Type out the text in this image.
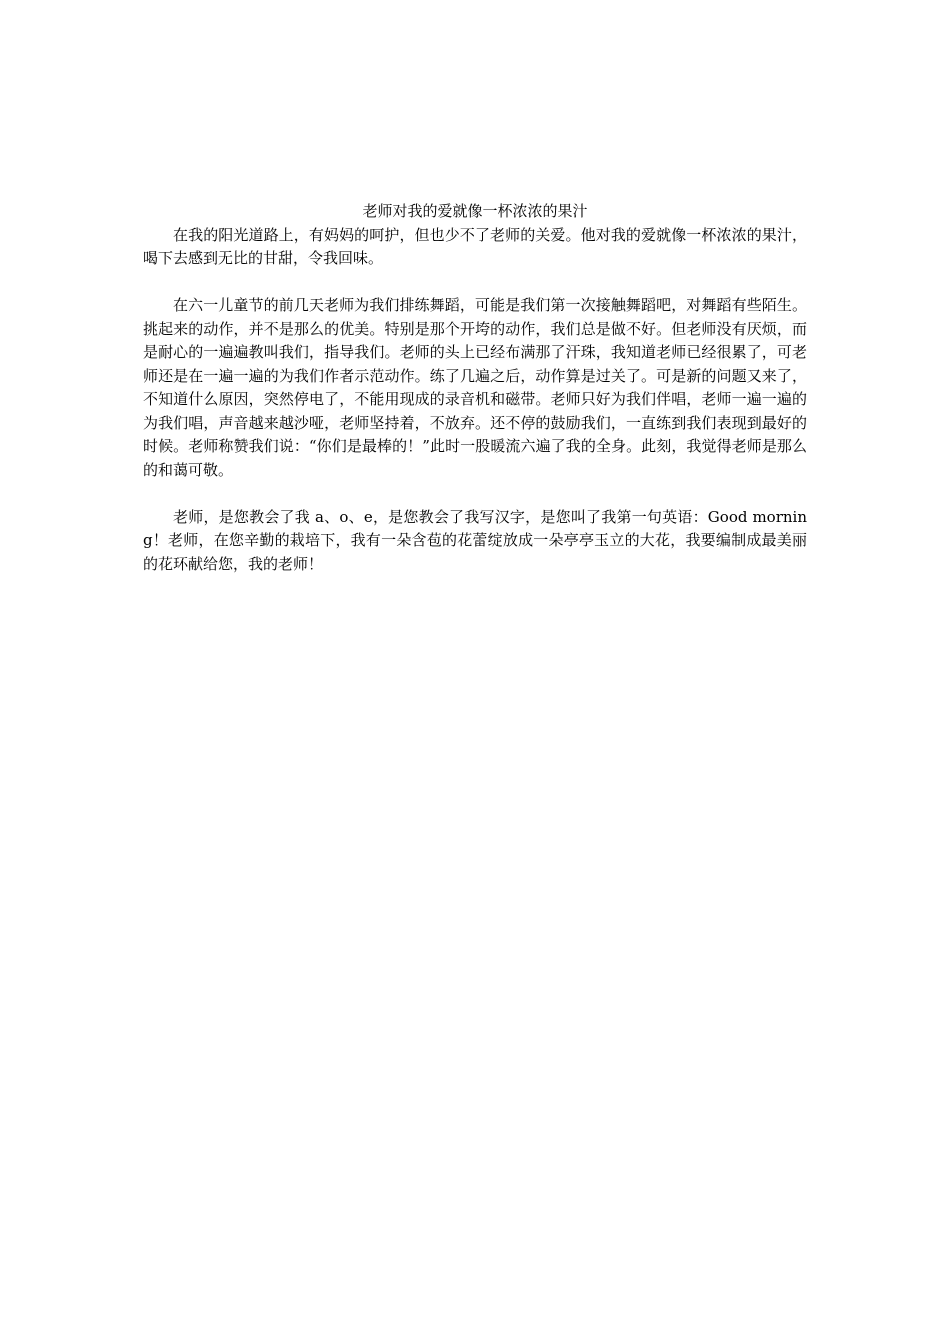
老师对我的爱就像一杯浓浓的果汁

在我的阳光道路上，有妈妈的呵护，但也少不了老师的关爱。他对我的爱就像一杯浓浓的果汁，喝下去感到无比的甘甜，令我回味。

在六一儿童节的前几天老师为我们排练舞蹈，可能是我们第一次接触舞蹈吧，对舞蹈有些陌生。挑起来的动作，并不是那么的优美。特别是那个开垮的动作，我们总是做不好。但老师没有厌烦，而是耐心的一遍遍教叫我们，指导我们。老师的头上已经布满那了汗珠，我知道老师已经很累了，可老师还是在一遍一遍的为我们作者示范动作。练了几遍之后，动作算是过关了。可是新的问题又来了，不知道什么原因，突然停电了，不能用现成的录音机和磁带。老师只好为我们伴唱，老师一遍一遍的为我们唱，声音越来越沙哑，老师坚持着，不放弃。还不停的鼓励我们，一直练到我们表现到最好的时候。老师称赞我们说：“你们是最棒的！”此时一股暖流六遍了我的全身。此刻，我觉得老师是那么的和蔼可敬。

老师，是您教会了我 a、o、e，是您教会了我写汉字，是您叫了我第一句英语：Good morning！老师，在您辛勤的栽培下，我有一朵含苞的花蕾绽放成一朵亭亭玉立的大花，我要编制成最美丽的花环献给您，我的老师！
